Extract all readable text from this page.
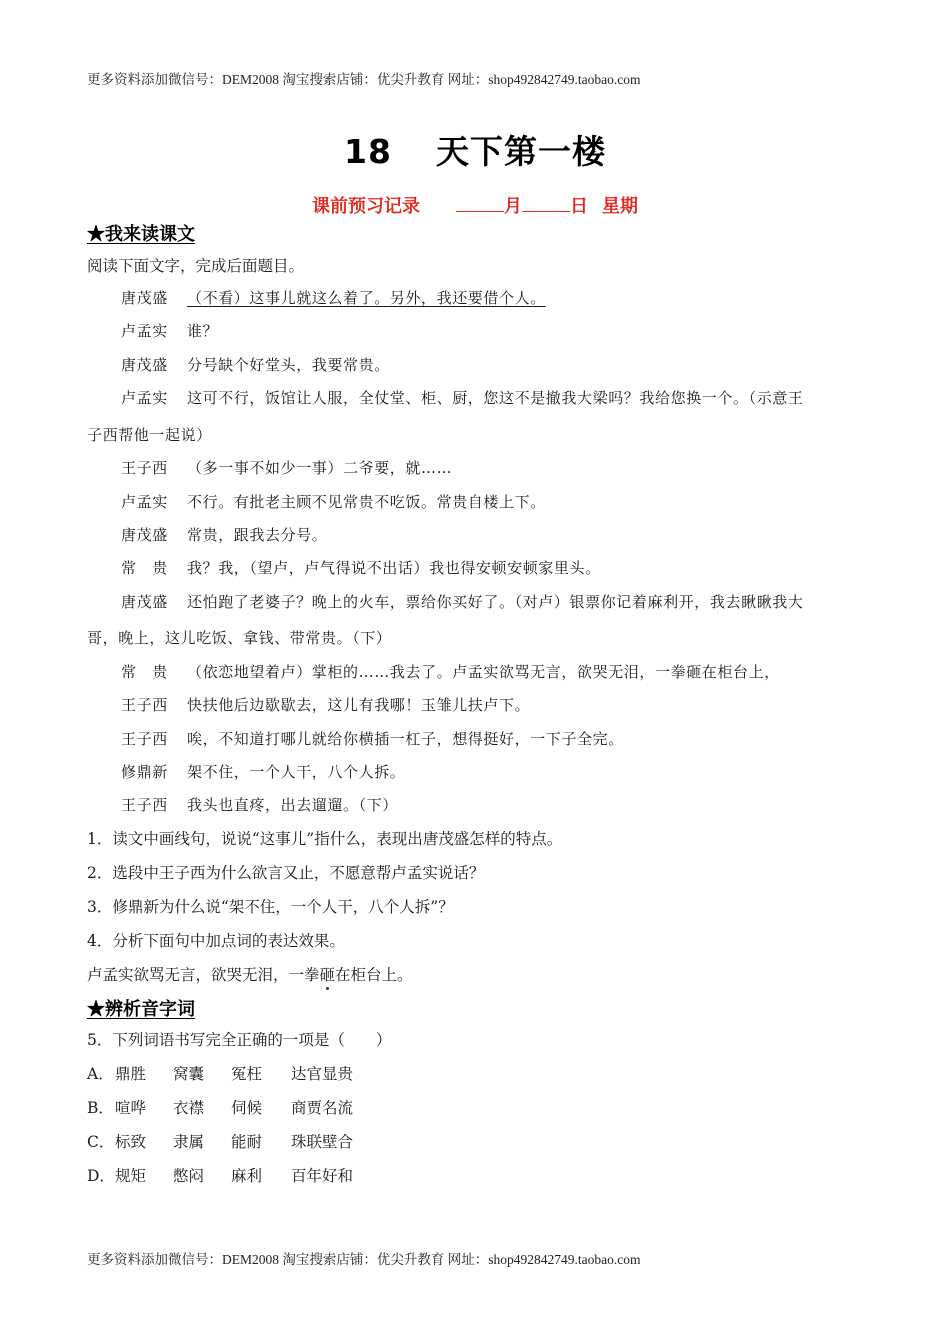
更多资料添加微信号：DEM2008 淘宝搜索店铺：优尖升教育 网址：shop492842749.taobao.com
18 天下第一楼
课前预习记录	月	日 星期
★我来读课文
阅读下面文字，完成后面题目。
唐茂盛 （不看）这事儿就这么着了。另外，我还要借个人。
卢孟实 谁？
唐茂盛 分号缺个好堂头，我要常贵。
卢孟实 这可不行，饭馆让人服，全仗堂、柜、厨，您这不是撤我大梁吗？我给您换一个。（示意王
子西帮他一起说）
王子西 （多一事不如少一事）二爷要，就……
卢孟实 不行。有批老主顾不见常贵不吃饭。常贵自楼上下。
唐茂盛 常贵，跟我去分号。
常　贵 我？我，（望卢，卢气得说不出话）我也得安顿安顿家里头。
唐茂盛 还怕跑了老婆子？晚上的火车，票给你买好了。（对卢）银票你记着麻利开，我去瞅瞅我大
哥，晚上，这儿吃饭、拿钱、带常贵。（下）
常　贵 （依恋地望着卢）掌柜的……我去了。卢孟实欲骂无言，欲哭无泪，一拳砸在柜台上，
王子西 快扶他后边歇歇去，这儿有我哪！玉雏儿扶卢下。
王子西 唉，不知道打哪儿就给你横插一杠子，想得挺好，一下子全完。
修鼎新 架不住，一个人干，八个人拆。
王子西 我头也直疼，出去遛遛。（下）
1．读文中画线句，说说“这事儿”指什么，表现出唐茂盛怎样的特点。
2．选段中王子西为什么欲言又止，不愿意帮卢孟实说话？
3．修鼎新为什么说“架不住，一个人干，八个人拆”？
4．分析下面句中加点词的表达效果。
卢孟实欲骂无言，欲哭无泪，一拳砸在柜台上。
★辨析音字词
5．下列词语书写完全正确的一项是（　　）
A．鼎胜 窝囊 冤枉 达官显贵
B．喧哗 衣襟 伺候 商贾名流
C．标致 隶属 能耐 珠联壁合
D．规矩 憋闷 麻利 百年好和
更多资料添加微信号：DEM2008 淘宝搜索店铺：优尖升教育 网址：shop492842749.taobao.com
